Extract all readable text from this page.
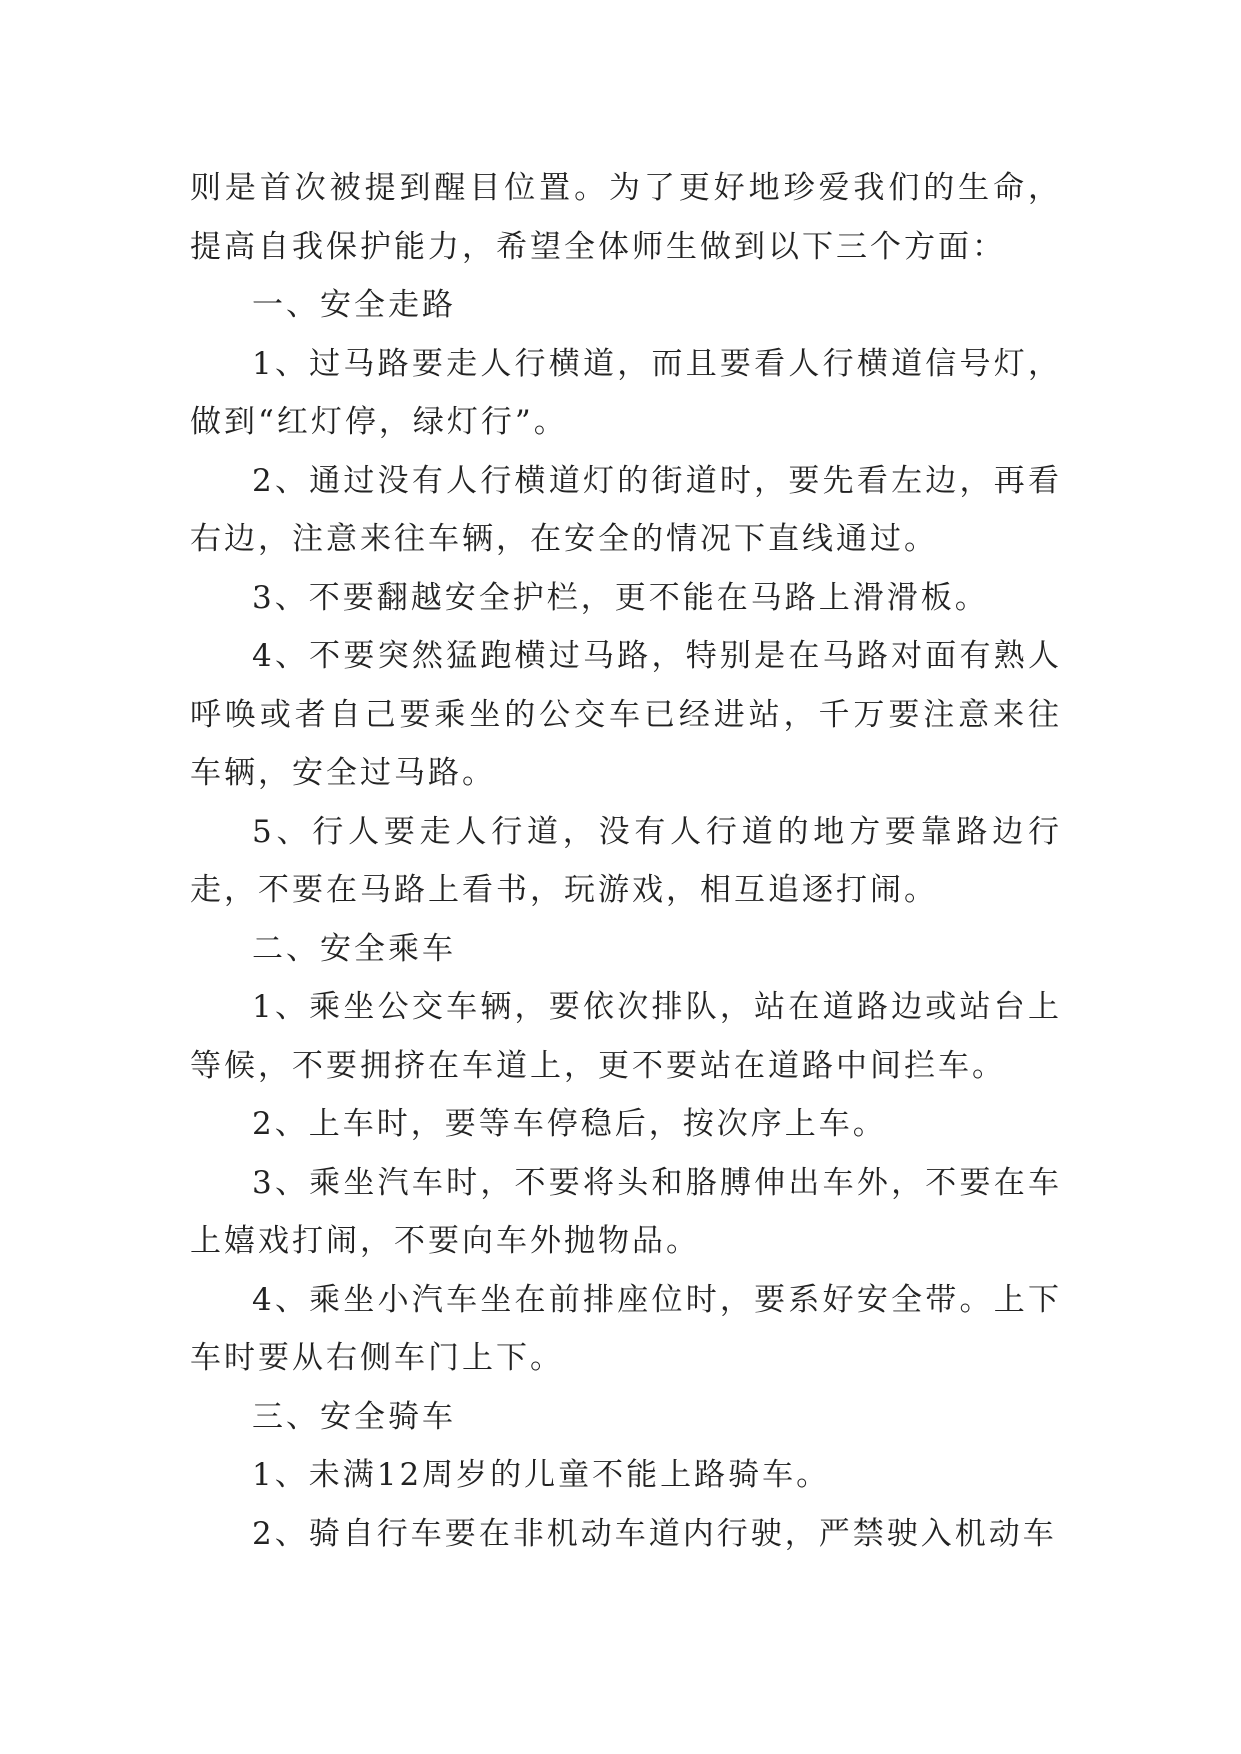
则是首次被提到醒目位置。为了更好地珍爱我们的生命，提高自我保护能力，希望全体师生做到以下三个方面：

一、安全走路

1、过马路要走人行横道，而且要看人行横道信号灯，做到“红灯停，绿灯行”。

2、通过没有人行横道灯的街道时，要先看左边，再看右边，注意来往车辆，在安全的情况下直线通过。

3、不要翻越安全护栏，更不能在马路上滑滑板。

4、不要突然猛跑横过马路，特别是在马路对面有熟人呼唤或者自己要乘坐的公交车已经进站，千万要注意来往车辆，安全过马路。

5、行人要走人行道，没有人行道的地方要靠路边行走，不要在马路上看书，玩游戏，相互追逐打闹。

二、安全乘车

1、乘坐公交车辆，要依次排队，站在道路边或站台上等候，不要拥挤在车道上，更不要站在道路中间拦车。

2、上车时，要等车停稳后，按次序上车。

3、乘坐汽车时，不要将头和胳膊伸出车外，不要在车上嬉戏打闹，不要向车外抛物品。

4、乘坐小汽车坐在前排座位时，要系好安全带。上下车时要从右侧车门上下。

三、安全骑车

1、未满12周岁的儿童不能上路骑车。

2、骑自行车要在非机动车道内行驶，严禁驶入机动车
